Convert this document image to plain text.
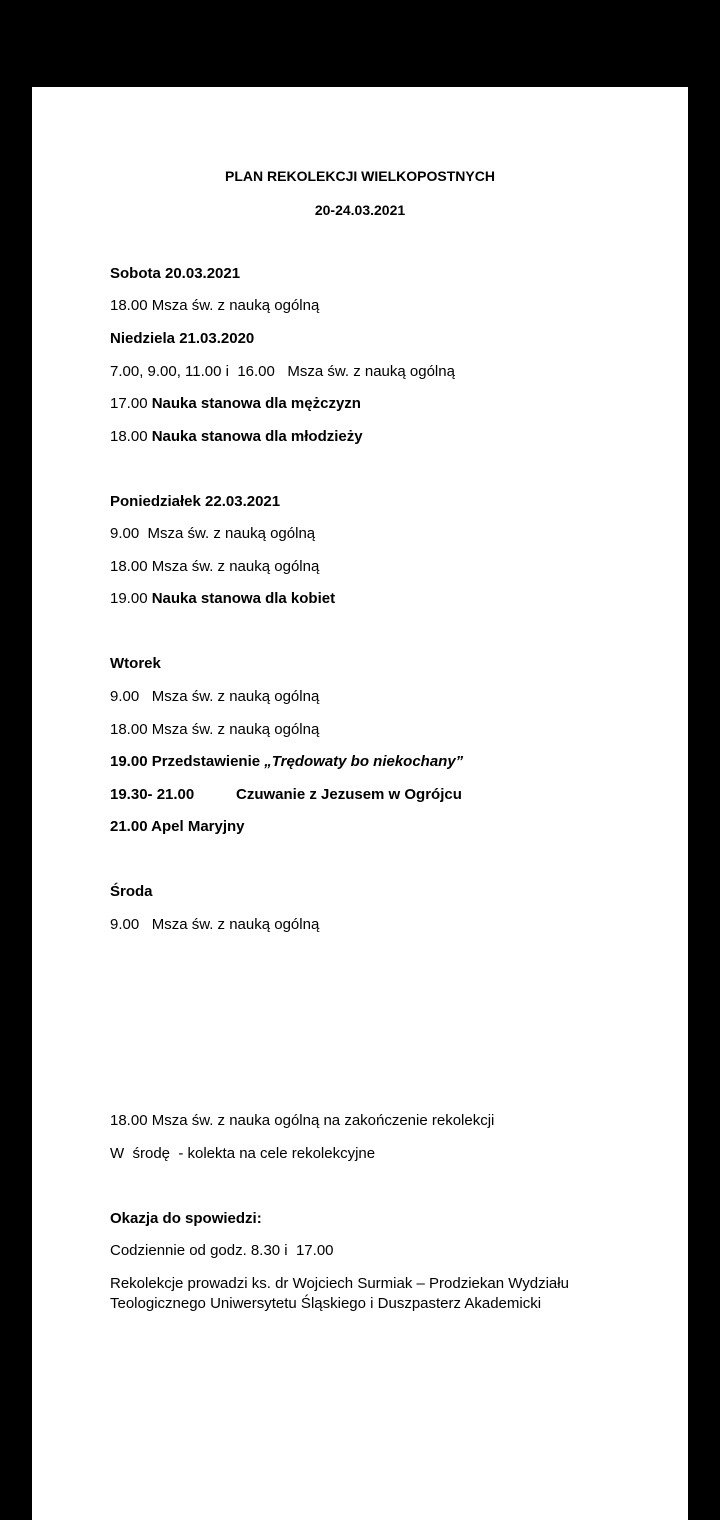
PLAN REKOLEKCJI WIELKOPOSTNYCH
20-24.03.2021
Sobota 20.03.2021
18.00 Msza św. z nauką ogólną
Niedziela 21.03.2020
7.00, 9.00, 11.00 i  16.00   Msza św. z nauką ogólną
17.00 Nauka stanowa dla mężczyzn
18.00 Nauka stanowa dla młodzieży
Poniedziałek 22.03.2021
9.00  Msza św. z nauką ogólną
18.00 Msza św. z nauką ogólną
19.00 Nauka stanowa dla kobiet
Wtorek
9.00   Msza św. z nauką ogólną
18.00 Msza św. z nauką ogólną
19.00 Przedstawienie „Trędowaty bo niekochany”
19.30- 21.00	Czuwanie z Jezusem w Ogrójcu
21.00 Apel Maryjny
Środa
9.00   Msza św. z nauką ogólną
18.00 Msza św. z nauka ogólną na zakończenie rekolekcji
W  środę  - kolekta na cele rekolekcyjne
Okazja do spowiedzi:
Codziennie od godz. 8.30 i  17.00
Rekolekcje prowadzi ks. dr Wojciech Surmiak – Prodziekan Wydziału
Teologicznego Uniwersytetu Śląskiego i Duszpasterz Akademicki
